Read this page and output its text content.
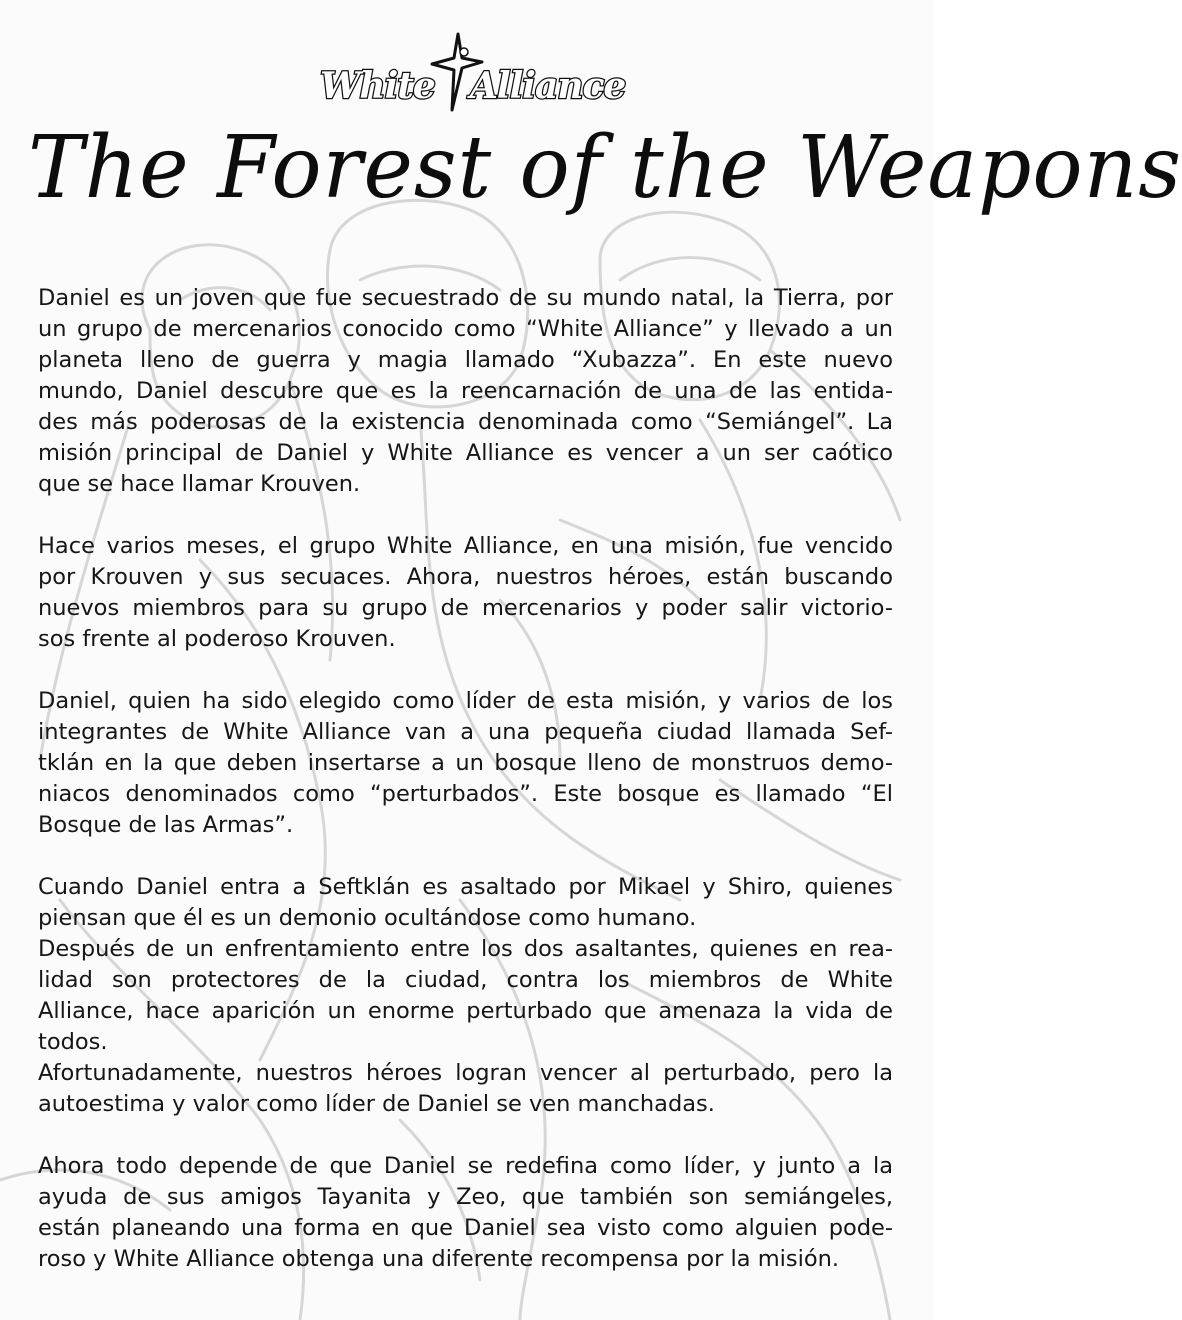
White Alliance
The Forest of the Weapons

Daniel es un joven que fue secuestrado de su mundo natal, la Tierra, por
un grupo de mercenarios conocido como “White Alliance” y llevado a un
planeta lleno de guerra y magia llamado “Xubazza”. En este nuevo
mundo, Daniel descubre que es la reencarnación de una de las entida-
des más poderosas de la existencia denominada como “Semiángel”. La
misión principal de Daniel y White Alliance es vencer a un ser caótico
que se hace llamar Krouven.

Hace varios meses, el grupo White Alliance, en una misión, fue vencido
por Krouven y sus secuaces. Ahora, nuestros héroes, están buscando
nuevos miembros para su grupo de mercenarios y poder salir victorio-
sos frente al poderoso Krouven.

Daniel, quien ha sido elegido como líder de esta misión, y varios de los
integrantes de White Alliance van a una pequeña ciudad llamada Sef-
tklán en la que deben insertarse a un bosque lleno de monstruos demo-
niacos denominados como “perturbados”. Este bosque es llamado “El
Bosque de las Armas”.

Cuando Daniel entra a Seftklán es asaltado por Mikael y Shiro, quienes
piensan que él es un demonio ocultándose como humano.

Después de un enfrentamiento entre los dos asaltantes, quienes en rea-
lidad son protectores de la ciudad, contra los miembros de White
Alliance, hace aparición un enorme perturbado que amenaza la vida de
todos.

Afortunadamente, nuestros héroes logran vencer al perturbado, pero la
autoestima y valor como líder de Daniel se ven manchadas.

Ahora todo depende de que Daniel se redefina como líder, y junto a la
ayuda de sus amigos Tayanita y Zeo, que también son semiángeles,
están planeando una forma en que Daniel sea visto como alguien pode-
roso y White Alliance obtenga una diferente recompensa por la misión.
